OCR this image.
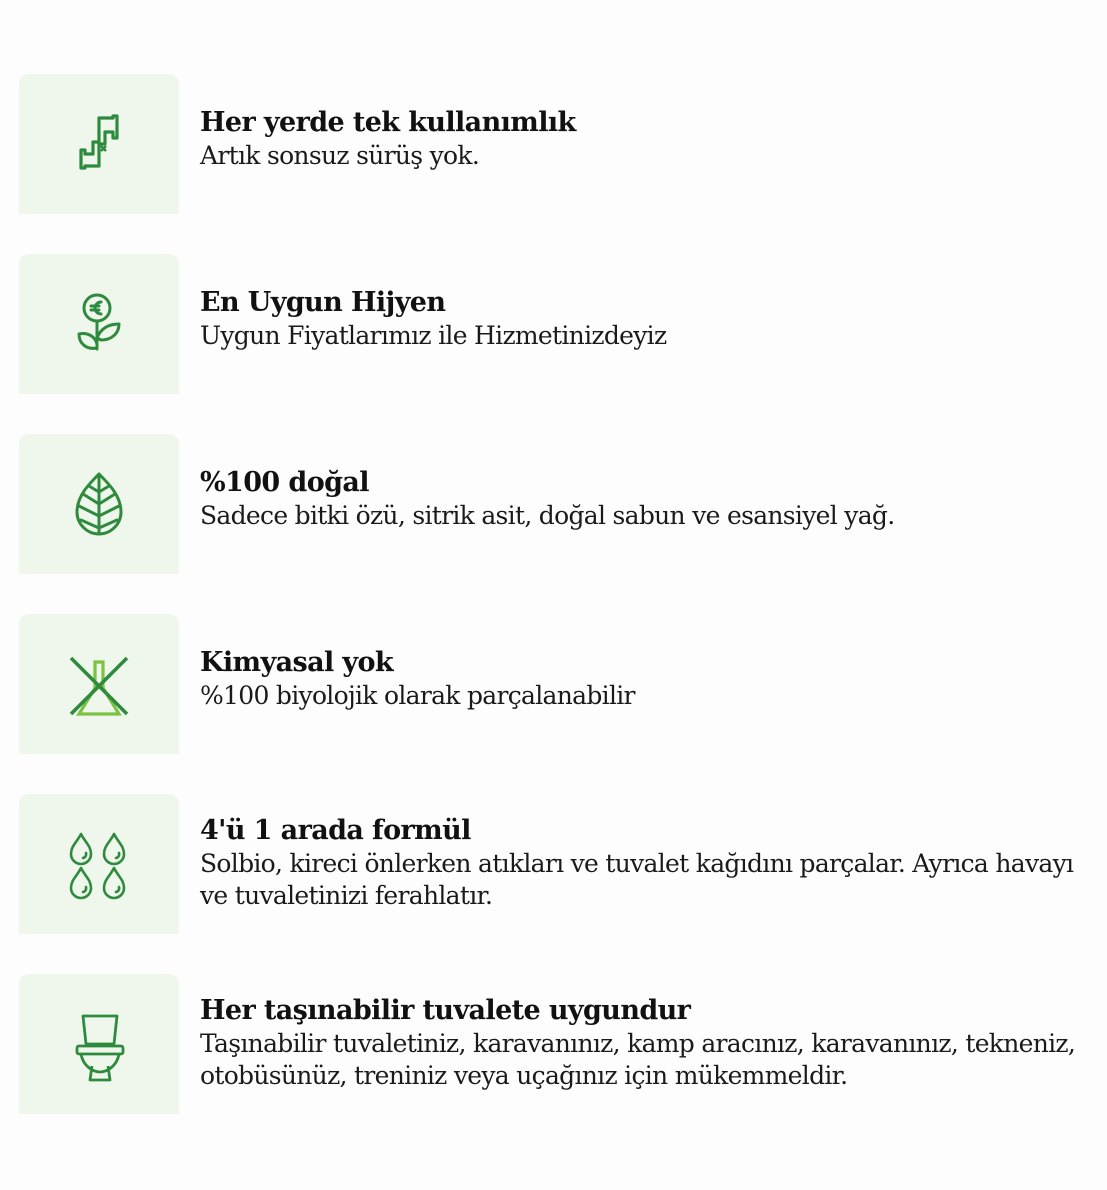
Her yerde tek kullanımlık
Artık sonsuz sürüş yok.
En Uygun Hijyen
Uygun Fiyatlarımız ile Hizmetinizdeyiz
%100 doğal
Sadece bitki özü, sitrik asit, doğal sabun ve esansiyel yağ.
Kimyasal yok
%100 biyolojik olarak parçalanabilir
4'ü 1 arada formül
Solbio, kireci önlerken atıkları ve tuvalet kağıdını parçalar. Ayrıca havayı ve tuvaletinizi ferahlatır.
Her taşınabilir tuvalete uygundur
Taşınabilir tuvaletiniz, karavanınız, kamp aracınız, karavanınız, tekneniz, otobüsünüz, treniniz veya uçağınız için mükemmeldir.
